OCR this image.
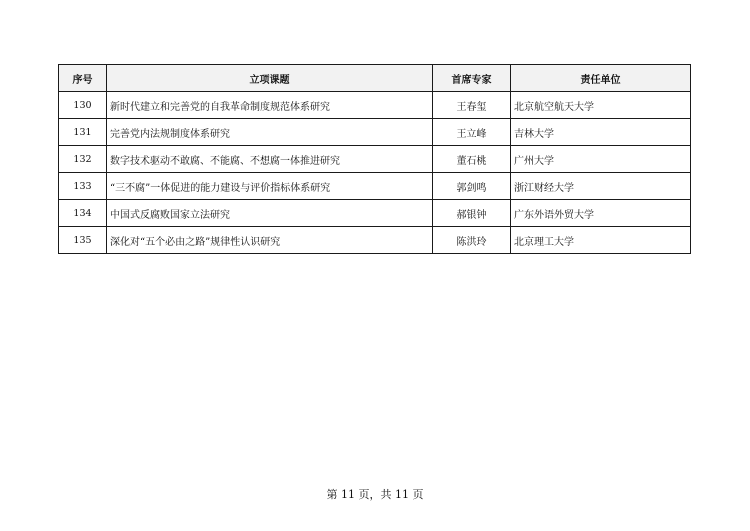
序号	立项课题	首席专家	责任单位
130	新时代建立和完善党的自我革命制度规范体系研究	王春玺	北京航空航天大学
131	完善党内法规制度体系研究	王立峰	吉林大学
132	数字技术驱动不敢腐、不能腐、不想腐一体推进研究	董石桃	广州大学
133	“三不腐”一体促进的能力建设与评价指标体系研究	郭剑鸣	浙江财经大学
134	中国式反腐败国家立法研究	郝银钟	广东外语外贸大学
135	深化对“五个必由之路”规律性认识研究	陈洪玲	北京理工大学
第 11 页，共 11 页
